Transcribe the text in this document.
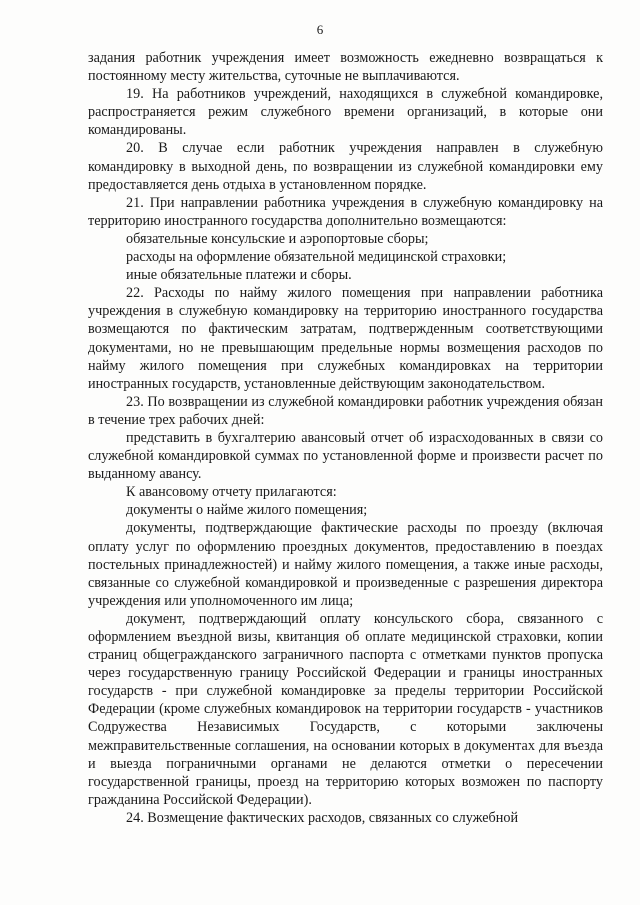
6

задания работник учреждения имеет возможность ежедневно возвращаться к постоянному месту жительства, суточные не выплачиваются.

19. На работников учреждений, находящихся в служебной командировке, распространяется режим служебного времени организаций, в которые они командированы.

20. В случае если работник учреждения направлен в служебную командировку в выходной день, по возвращении из служебной командировки ему предоставляется день отдыха в установленном порядке.

21. При направлении работника учреждения в служебную командировку на территорию иностранного государства дополнительно возмещаются:

обязательные консульские и аэропортовые сборы;

расходы на оформление обязательной медицинской страховки;

иные обязательные платежи и сборы.

22. Расходы по найму жилого помещения при направлении работника учреждения в служебную командировку на территорию иностранного государства возмещаются по фактическим затратам, подтвержденным соответствующими документами, но не превышающим предельные нормы возмещения расходов по найму жилого помещения при служебных командировках на территории иностранных государств, установленные действующим законодательством.

23. По возвращении из служебной командировки работник учреждения обязан в течение трех рабочих дней:

представить в бухгалтерию авансовый отчет об израсходованных в связи со служебной командировкой суммах по установленной форме и произвести расчет по выданному авансу.

К авансовому отчету прилагаются:

документы о найме жилого помещения;

документы, подтверждающие фактические расходы по проезду (включая оплату услуг по оформлению проездных документов, предоставлению в поездах постельных принадлежностей) и найму жилого помещения, а также иные расходы, связанные со служебной командировкой и произведенные с разрешения директора учреждения или уполномоченного им лица;

документ, подтверждающий оплату консульского сбора, связанного с оформлением въездной визы, квитанция об оплате медицинской страховки, копии страниц общегражданского заграничного паспорта с отметками пунктов пропуска через государственную границу Российской Федерации и границы иностранных государств - при служебной командировке за пределы территории Российской Федерации (кроме служебных командировок на территории государств - участников Содружества Независимых Государств, с которыми заключены межправительственные соглашения, на основании которых в документах для въезда и выезда пограничными органами не делаются отметки о пересечении государственной границы, проезд на территорию которых возможен по паспорту гражданина Российской Федерации).

24. Возмещение фактических расходов, связанных со служебной
